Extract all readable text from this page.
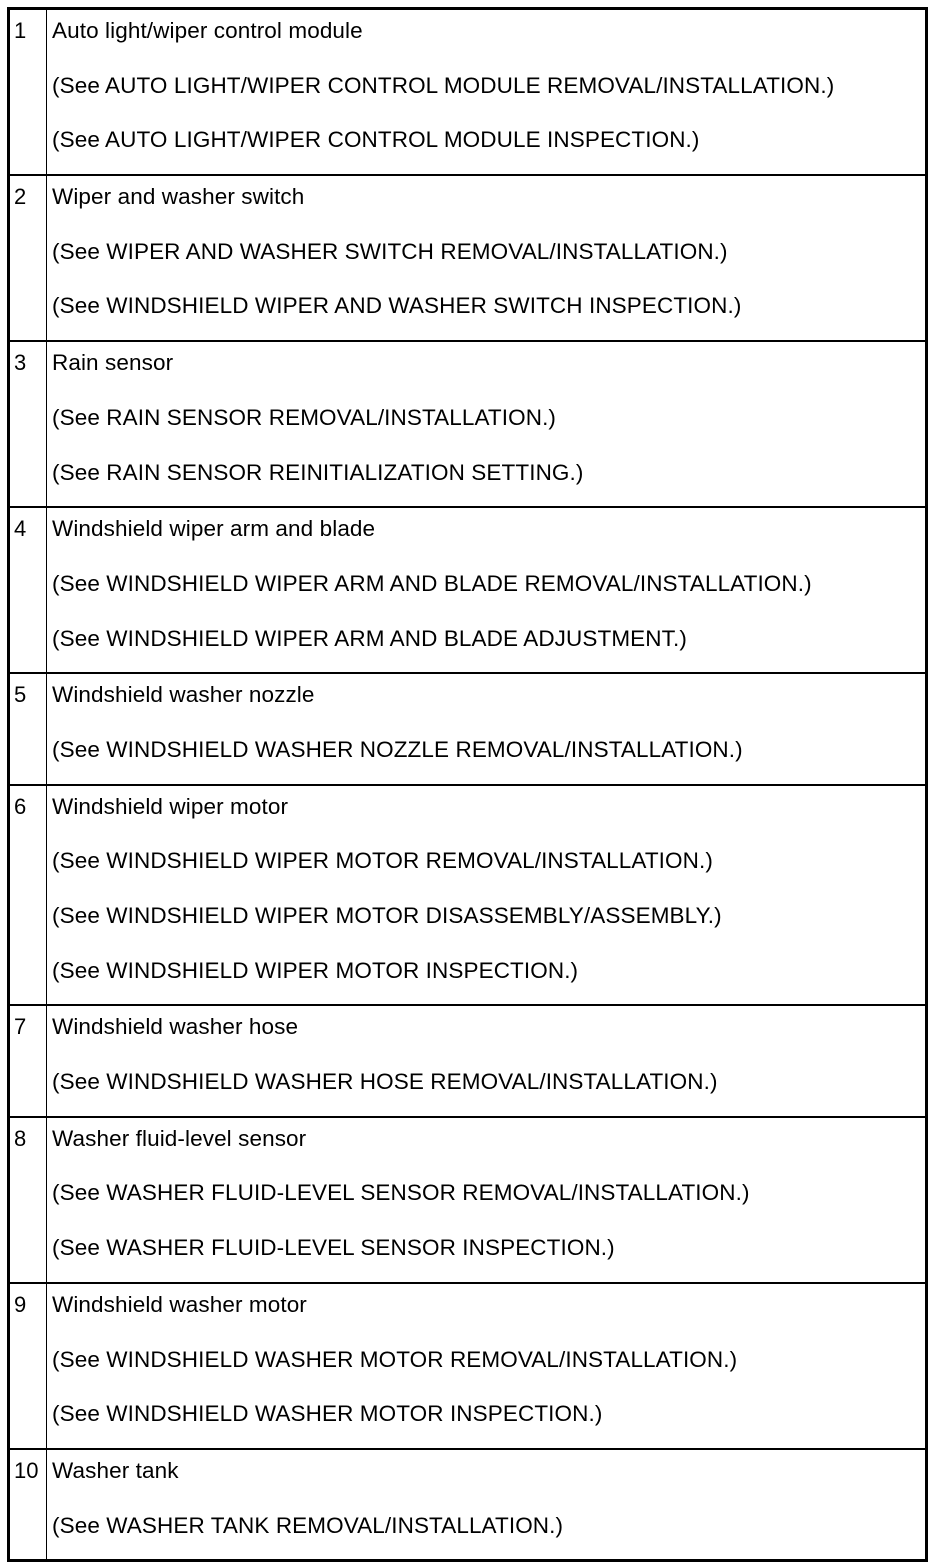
1	Auto light/wiper control module
(See AUTO LIGHT/WIPER CONTROL MODULE REMOVAL/INSTALLATION.)
(See AUTO LIGHT/WIPER CONTROL MODULE INSPECTION.)

2	Wiper and washer switch
(See WIPER AND WASHER SWITCH REMOVAL/INSTALLATION.)
(See WINDSHIELD WIPER AND WASHER SWITCH INSPECTION.)

3	Rain sensor
(See RAIN SENSOR REMOVAL/INSTALLATION.)
(See RAIN SENSOR REINITIALIZATION SETTING.)

4	Windshield wiper arm and blade
(See WINDSHIELD WIPER ARM AND BLADE REMOVAL/INSTALLATION.)
(See WINDSHIELD WIPER ARM AND BLADE ADJUSTMENT.)

5	Windshield washer nozzle
(See WINDSHIELD WASHER NOZZLE REMOVAL/INSTALLATION.)

6	Windshield wiper motor
(See WINDSHIELD WIPER MOTOR REMOVAL/INSTALLATION.)
(See WINDSHIELD WIPER MOTOR DISASSEMBLY/ASSEMBLY.)
(See WINDSHIELD WIPER MOTOR INSPECTION.)

7	Windshield washer hose
(See WINDSHIELD WASHER HOSE REMOVAL/INSTALLATION.)

8	Washer fluid-level sensor
(See WASHER FLUID-LEVEL SENSOR REMOVAL/INSTALLATION.)
(See WASHER FLUID-LEVEL SENSOR INSPECTION.)

9	Windshield washer motor
(See WINDSHIELD WASHER MOTOR REMOVAL/INSTALLATION.)
(See WINDSHIELD WASHER MOTOR INSPECTION.)

10	Washer tank
(See WASHER TANK REMOVAL/INSTALLATION.)
